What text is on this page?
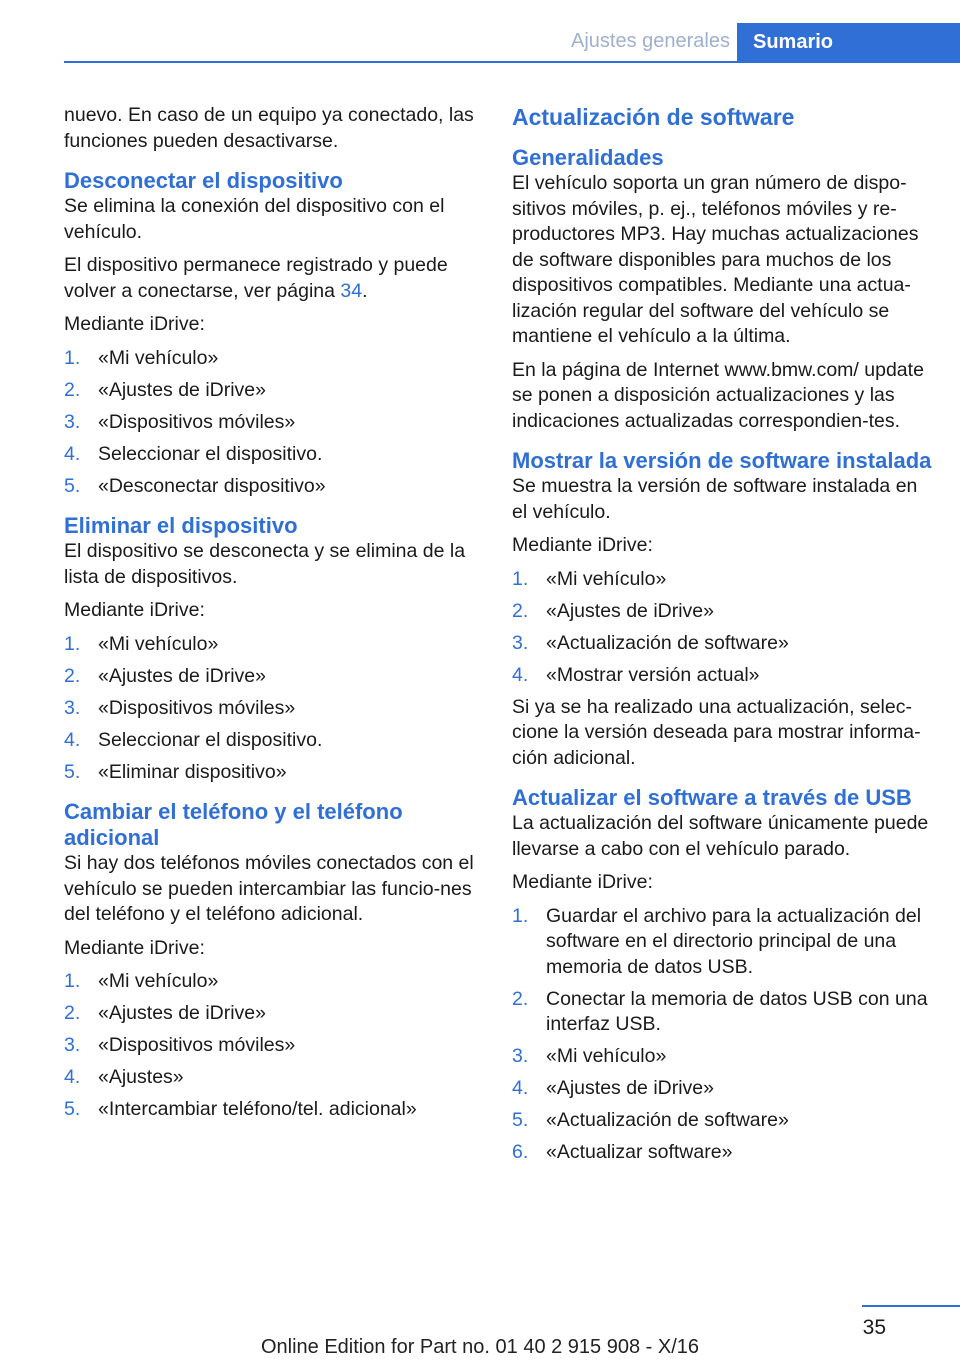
Ajustes generales	Sumario

nuevo. En caso de un equipo ya conectado, las funciones pueden desactivarse.

Desconectar el dispositivo

Se elimina la conexión del dispositivo con el vehículo.

El dispositivo permanece registrado y puede volver a conectarse, ver página 34.

Mediante iDrive:

1. «Mi vehículo»
2. «Ajustes de iDrive»
3. «Dispositivos móviles»
4. Seleccionar el dispositivo.
5. «Desconectar dispositivo»
Eliminar el dispositivo

El dispositivo se desconecta y se elimina de la lista de dispositivos.

Mediante iDrive:

1. «Mi vehículo»
2. «Ajustes de iDrive»
3. «Dispositivos móviles»
4. Seleccionar el dispositivo.
5. «Eliminar dispositivo»
Cambiar el teléfono y el teléfono adicional

Si hay dos teléfonos móviles conectados con el vehículo se pueden intercambiar las funcio‐nes del teléfono y el teléfono adicional.

Mediante iDrive:

1. «Mi vehículo»
2. «Ajustes de iDrive»
3. «Dispositivos móviles»
4. «Ajustes»
5. «Intercambiar teléfono/tel. adicional»
Actualización de software
Generalidades

El vehículo soporta un gran número de dispo‐sitivos móviles, p. ej., teléfonos móviles y re‐productores MP3. Hay muchas actualizaciones de software disponibles para muchos de los dispositivos compatibles. Mediante una actua‐lización regular del software del vehículo se mantiene el vehículo a la última.

En la página de Internet www.bmw.com/ update se ponen a disposición actualizaciones y las indicaciones actualizadas correspondien‐tes.

Mostrar la versión de software instalada

Se muestra la versión de software instalada en el vehículo.

Mediante iDrive:

1. «Mi vehículo»
2. «Ajustes de iDrive»
3. «Actualización de software»
4. «Mostrar versión actual»

Si ya se ha realizado una actualización, selec‐cione la versión deseada para mostrar informa‐ción adicional.

Actualizar el software a través de USB

La actualización del software únicamente puede llevarse a cabo con el vehículo parado.

Mediante iDrive:

1. Guardar el archivo para la actualización del software en el directorio principal de una memoria de datos USB.
2. Conectar la memoria de datos USB con una interfaz USB.
3. «Mi vehículo»
4. «Ajustes de iDrive»
5. «Actualización de software»
6. «Actualizar software»
35
Online Edition for Part no. 01 40 2 915 908 - X/16
